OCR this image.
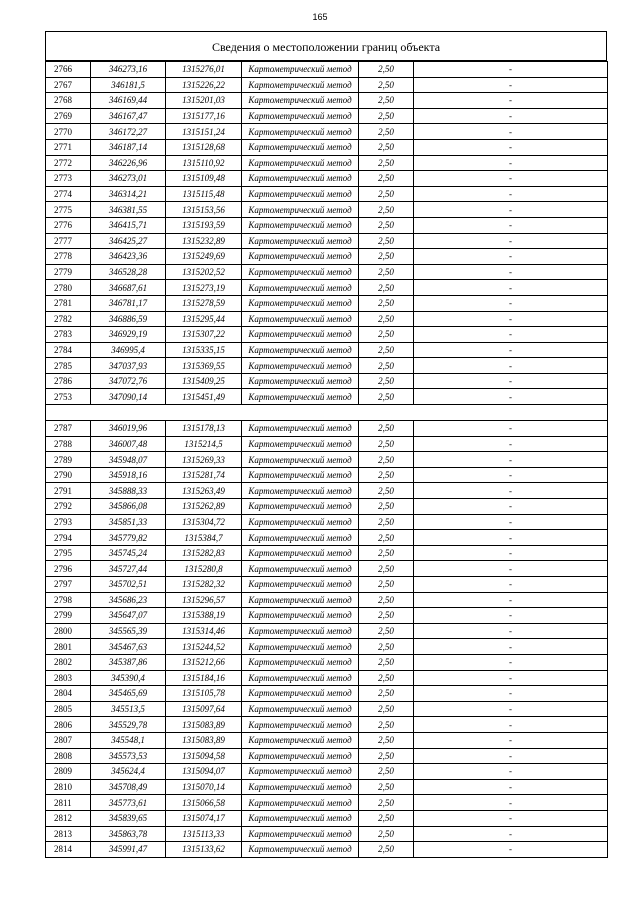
165
Сведения о местоположении границ объекта
2766	346273,16	1315276,01	Картометрический метод	2,50	-
2767	346181,5	1315226,22	Картометрический метод	2,50	-
2768	346169,44	1315201,03	Картометрический метод	2,50	-
2769	346167,47	1315177,16	Картометрический метод	2,50	-
2770	346172,27	1315151,24	Картометрический метод	2,50	-
2771	346187,14	1315128,68	Картометрический метод	2,50	-
2772	346226,96	1315110,92	Картометрический метод	2,50	-
2773	346273,01	1315109,48	Картометрический метод	2,50	-
2774	346314,21	1315115,48	Картометрический метод	2,50	-
2775	346381,55	1315153,56	Картометрический метод	2,50	-
2776	346415,71	1315193,59	Картометрический метод	2,50	-
2777	346425,27	1315232,89	Картометрический метод	2,50	-
2778	346423,36	1315249,69	Картометрический метод	2,50	-
2779	346528,28	1315202,52	Картометрический метод	2,50	-
2780	346687,61	1315273,19	Картометрический метод	2,50	-
2781	346781,17	1315278,59	Картометрический метод	2,50	-
2782	346886,59	1315295,44	Картометрический метод	2,50	-
2783	346929,19	1315307,22	Картометрический метод	2,50	-
2784	346995,4	1315335,15	Картометрический метод	2,50	-
2785	347037,93	1315369,55	Картометрический метод	2,50	-
2786	347072,76	1315409,25	Картометрический метод	2,50	-
2753	347090,14	1315451,49	Картометрический метод	2,50	-

2787	346019,96	1315178,13	Картометрический метод	2,50	-
2788	346007,48	1315214,5	Картометрический метод	2,50	-
2789	345948,07	1315269,33	Картометрический метод	2,50	-
2790	345918,16	1315281,74	Картометрический метод	2,50	-
2791	345888,33	1315263,49	Картометрический метод	2,50	-
2792	345866,08	1315262,89	Картометрический метод	2,50	-
2793	345851,33	1315304,72	Картометрический метод	2,50	-
2794	345779,82	1315384,7	Картометрический метод	2,50	-
2795	345745,24	1315282,83	Картометрический метод	2,50	-
2796	345727,44	1315280,8	Картометрический метод	2,50	-
2797	345702,51	1315282,32	Картометрический метод	2,50	-
2798	345686,23	1315296,57	Картометрический метод	2,50	-
2799	345647,07	1315388,19	Картометрический метод	2,50	-
2800	345565,39	1315314,46	Картометрический метод	2,50	-
2801	345467,63	1315244,52	Картометрический метод	2,50	-
2802	345387,86	1315212,66	Картометрический метод	2,50	-
2803	345390,4	1315184,16	Картометрический метод	2,50	-
2804	345465,69	1315105,78	Картометрический метод	2,50	-
2805	345513,5	1315097,64	Картометрический метод	2,50	-
2806	345529,78	1315083,89	Картометрический метод	2,50	-
2807	345548,1	1315083,89	Картометрический метод	2,50	-
2808	345573,53	1315094,58	Картометрический метод	2,50	-
2809	345624,4	1315094,07	Картометрический метод	2,50	-
2810	345708,49	1315070,14	Картометрический метод	2,50	-
2811	345773,61	1315066,58	Картометрический метод	2,50	-
2812	345839,65	1315074,17	Картометрический метод	2,50	-
2813	345863,78	1315113,33	Картометрический метод	2,50	-
2814	345991,47	1315133,62	Картометрический метод	2,50	-
